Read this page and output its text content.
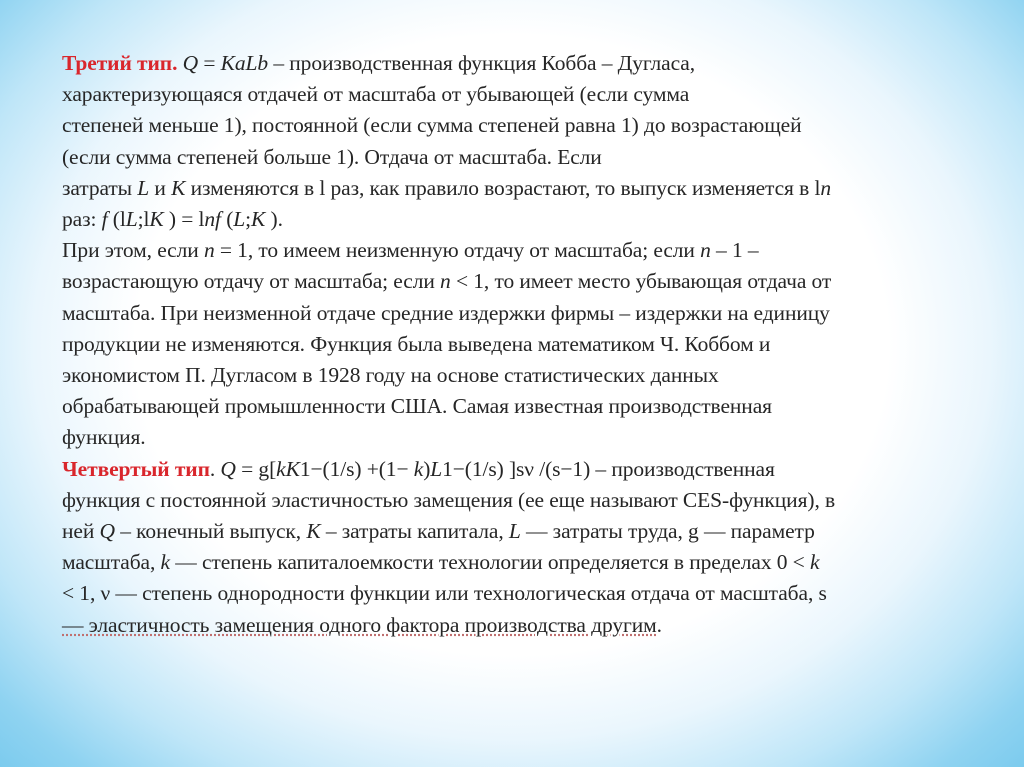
Третий тип. Q = KaLb – производственная функция Кобба – Дугласа,
характеризующаяся отдачей от масштаба от убывающей (если сумма
степеней меньше 1), постоянной (если сумма степеней равна 1) до возрастающей
(если сумма степеней больше 1). Отдача от масштаба. Если
затраты L и K изменяются в l раз, как правило возрастают, то выпуск изменяется в ln
раз: f (lL;lK ) = lnf (L;K ).
При этом, если n = 1, то имеем неизменную отдачу от масштаба; если n – 1 –
возрастающую отдачу от масштаба; если n < 1, то имеет место убывающая отдача от
масштаба. При неизменной отдаче средние издержки фирмы – издержки на единицу
продукции не изменяются. Функция была выведена математиком Ч. Коббом и
экономистом П. Дугласом в 1928 году на основе статистических данных
обрабатывающей промышленности США. Самая известная производственная
функция.
Четвертый тип. Q = g[kK1−(1/s) +(1− k)L1−(1/s) ]sν /(s−1) – производственная
функция с постоянной эластичностью замещения (ее еще называют CES-функция), в
ней Q – конечный выпуск, K – затраты капитала, L — затраты труда, g — параметр
масштаба, k — степень капиталоемкости технологии определяется в пределах 0 < k
< 1, ν — степень однородности функции или технологическая отдача от масштаба, s
— эластичность замещения одного фактора производства другим.
